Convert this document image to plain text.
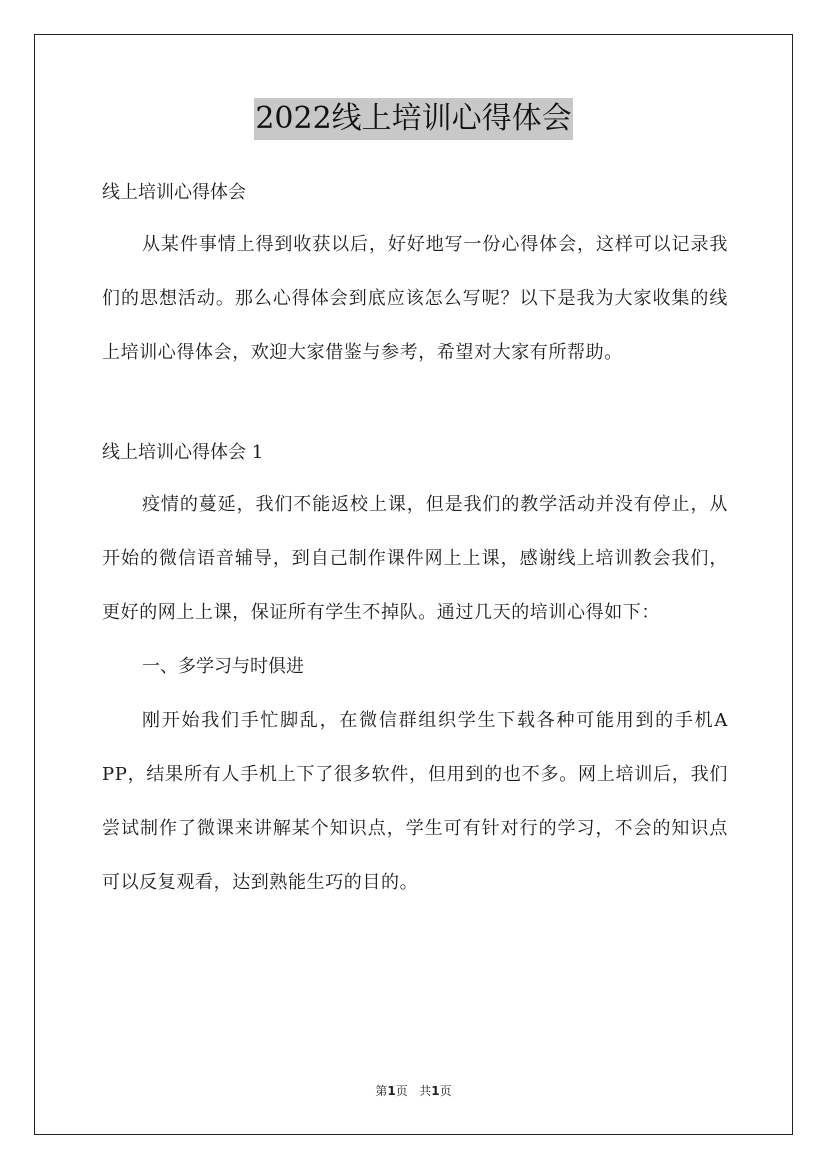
2022线上培训心得体会

线上培训心得体会

从某件事情上得到收获以后，好好地写一份心得体会，这样可以记录我们的思想活动。那么心得体会到底应该怎么写呢？以下是我为大家收集的线上培训心得体会，欢迎大家借鉴与参考，希望对大家有所帮助。

线上培训心得体会 1

疫情的蔓延，我们不能返校上课，但是我们的教学活动并没有停止，从开始的微信语音辅导，到自己制作课件网上上课，感谢线上培训教会我们，更好的网上上课，保证所有学生不掉队。通过几天的培训心得如下：

一、多学习与时俱进

刚开始我们手忙脚乱，在微信群组织学生下载各种可能用到的手机A PP，结果所有人手机上下了很多软件，但用到的也不多。网上培训后，我们尝试制作了微课来讲解某个知识点，学生可有针对行的学习，不会的知识点可以反复观看，达到熟能生巧的目的。

第1页 共1页
